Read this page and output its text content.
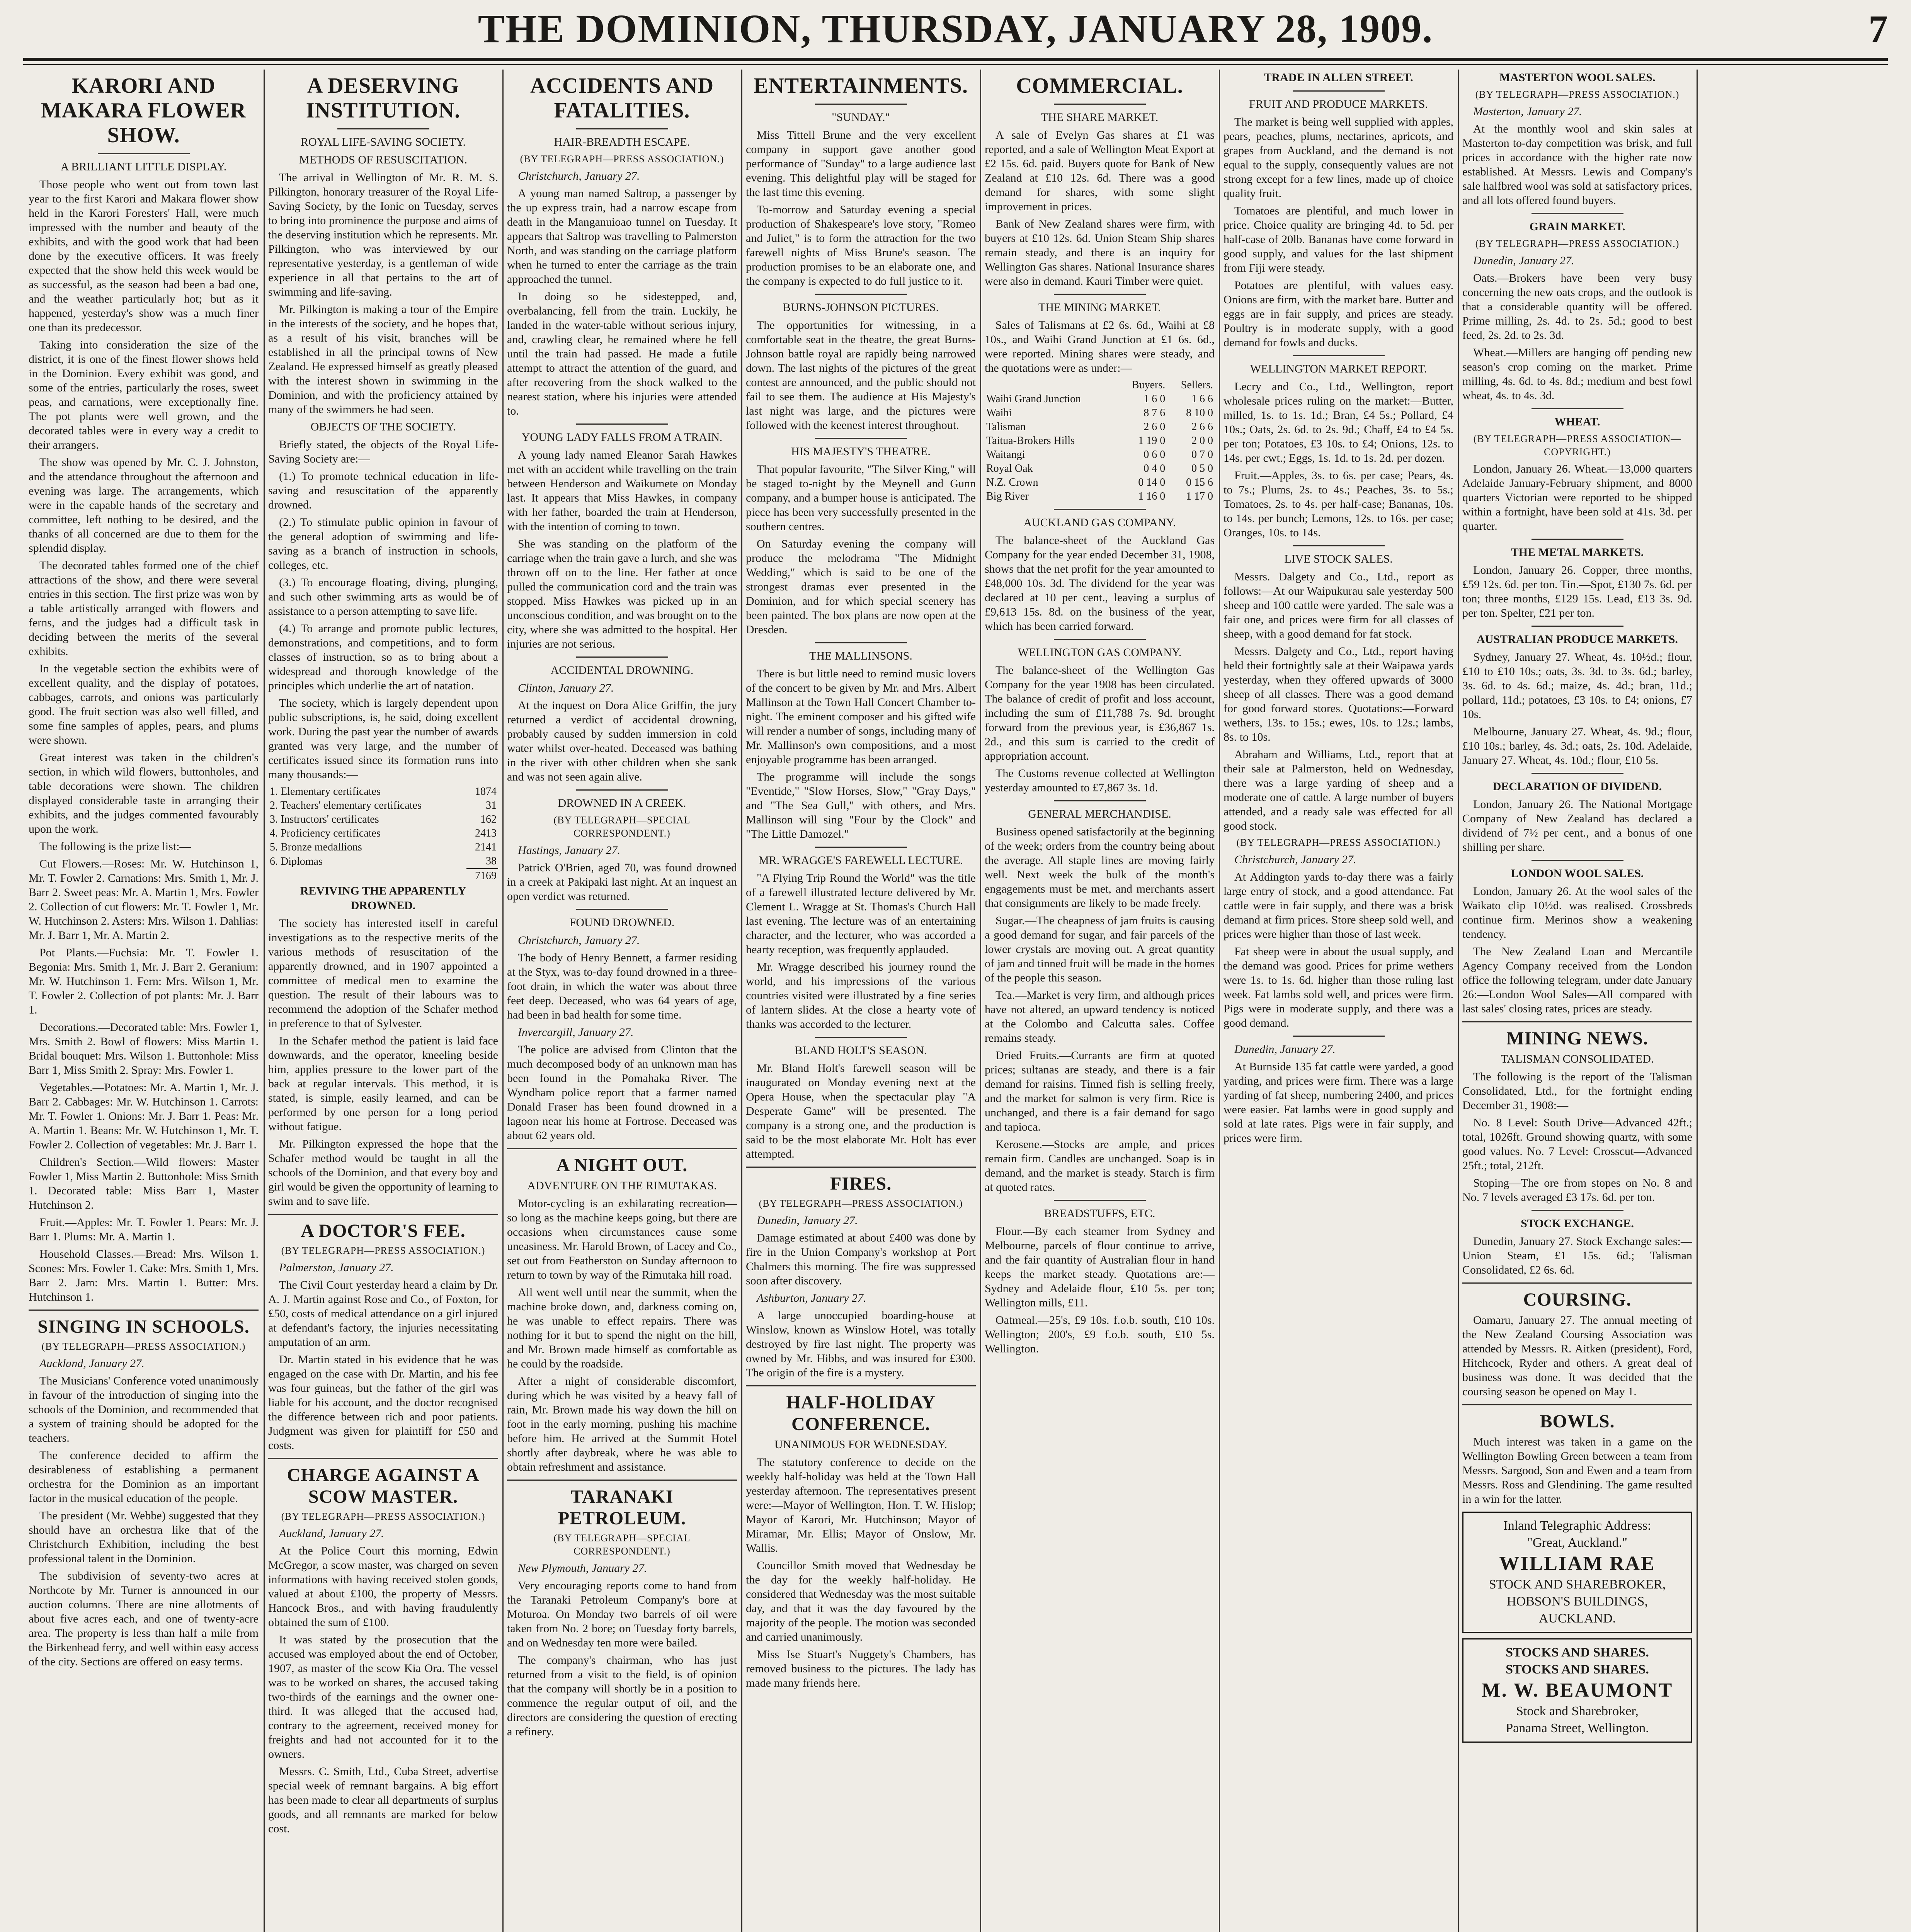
THE DOMINION, THURSDAY, JANUARY 28, 1909.	7
KARORI AND MAKARA FLOWER SHOW.
A BRILLIANT LITTLE DISPLAY.

Those people who went out from town last year to the first Karori and Makara flower show held in the Karori Foresters' Hall, were much impressed with the number and beauty of the exhibits, and with the good work that had been done by the executive officers. It was freely expected that the show held this week would be as successful, as the season had been a bad one, and the weather particularly hot; but as it happened, yesterday's show was a much finer one than its predecessor.

Taking into consideration the size of the district, it is one of the finest flower shows held in the Dominion. Every exhibit was good, and some of the entries, particularly the roses, sweet peas, and carnations, were exceptionally fine. The pot plants were well grown, and the decorated tables were in every way a credit to their arrangers.

The show was opened by Mr. C. J. Johnston, and the attendance throughout the afternoon and evening was large. The arrangements, which were in the capable hands of the secretary and committee, left nothing to be desired, and the thanks of all concerned are due to them for the splendid display.

The decorated tables formed one of the chief attractions of the show, and there were several entries in this section. The first prize was won by a table artistically arranged with flowers and ferns, and the judges had a difficult task in deciding between the merits of the several exhibits.

In the vegetable section the exhibits were of excellent quality, and the display of potatoes, cabbages, carrots, and onions was particularly good. The fruit section was also well filled, and some fine samples of apples, pears, and plums were shown.

Great interest was taken in the children's section, in which wild flowers, buttonholes, and table decorations were shown. The children displayed considerable taste in arranging their exhibits, and the judges commented favourably upon the work.

The following is the prize list:—

Cut Flowers.—Roses: Mr. W. Hutchinson 1, Mr. T. Fowler 2. Carnations: Mrs. Smith 1, Mr. J. Barr 2. Sweet peas: Mr. A. Martin 1, Mrs. Fowler 2. Collection of cut flowers: Mr. T. Fowler 1, Mr. W. Hutchinson 2. Asters: Mrs. Wilson 1. Dahlias: Mr. J. Barr 1, Mr. A. Martin 2.

Pot Plants.—Fuchsia: Mr. T. Fowler 1. Begonia: Mrs. Smith 1, Mr. J. Barr 2. Geranium: Mr. W. Hutchinson 1. Fern: Mrs. Wilson 1, Mr. T. Fowler 2. Collection of pot plants: Mr. J. Barr 1.

Decorations.—Decorated table: Mrs. Fowler 1, Mrs. Smith 2. Bowl of flowers: Miss Martin 1. Bridal bouquet: Mrs. Wilson 1. Buttonhole: Miss Barr 1, Miss Smith 2. Spray: Mrs. Fowler 1.

Vegetables.—Potatoes: Mr. A. Martin 1, Mr. J. Barr 2. Cabbages: Mr. W. Hutchinson 1. Carrots: Mr. T. Fowler 1. Onions: Mr. J. Barr 1. Peas: Mr. A. Martin 1. Beans: Mr. W. Hutchinson 1, Mr. T. Fowler 2. Collection of vegetables: Mr. J. Barr 1.

Children's Section.—Wild flowers: Master Fowler 1, Miss Martin 2. Buttonhole: Miss Smith 1. Decorated table: Miss Barr 1, Master Hutchinson 2.

Fruit.—Apples: Mr. T. Fowler 1. Pears: Mr. J. Barr 1. Plums: Mr. A. Martin 1.

Household Classes.—Bread: Mrs. Wilson 1. Scones: Mrs. Fowler 1. Cake: Mrs. Smith 1, Mrs. Barr 2. Jam: Mrs. Martin 1. Butter: Mrs. Hutchinson 1.

SINGING IN SCHOOLS.
(BY TELEGRAPH—PRESS ASSOCIATION.)

Auckland, January 27.

The Musicians' Conference voted unanimously in favour of the introduction of singing into the schools of the Dominion, and recommended that a system of training should be adopted for the teachers.

The conference decided to affirm the desirableness of establishing a permanent orchestra for the Dominion as an important factor in the musical education of the people.

The president (Mr. Webbe) suggested that they should have an orchestra like that of the Christchurch Exhibition, including the best professional talent in the Dominion.

The subdivision of seventy-two acres at Northcote by Mr. Turner is announced in our auction columns. There are nine allotments of about five acres each, and one of twenty-acre area. The property is less than half a mile from the Birkenhead ferry, and well within easy access of the city. Sections are offered on easy terms.

A DESERVING INSTITUTION.
ROYAL LIFE-SAVING SOCIETY.
METHODS OF RESUSCITATION.

The arrival in Wellington of Mr. R. M. S. Pilkington, honorary treasurer of the Royal Life-Saving Society, by the Ionic on Tuesday, serves to bring into prominence the purpose and aims of the deserving institution which he represents. Mr. Pilkington, who was interviewed by our representative yesterday, is a gentleman of wide experience in all that pertains to the art of swimming and life-saving.

Mr. Pilkington is making a tour of the Empire in the interests of the society, and he hopes that, as a result of his visit, branches will be established in all the principal towns of New Zealand. He expressed himself as greatly pleased with the interest shown in swimming in the Dominion, and with the proficiency attained by many of the swimmers he had seen.

OBJECTS OF THE SOCIETY.

Briefly stated, the objects of the Royal Life-Saving Society are:—

(1.) To promote technical education in life-saving and resuscitation of the apparently drowned.

(2.) To stimulate public opinion in favour of the general adoption of swimming and life-saving as a branch of instruction in schools, colleges, etc.

(3.) To encourage floating, diving, plunging, and such other swimming arts as would be of assistance to a person attempting to save life.

(4.) To arrange and promote public lectures, demonstrations, and competitions, and to form classes of instruction, so as to bring about a widespread and thorough knowledge of the principles which underlie the art of natation.

The society, which is largely dependent upon public subscriptions, is, he said, doing excellent work. During the past year the number of awards granted was very large, and the number of certificates issued since its formation runs into many thousands:—

1. Elementary certificates	1874
2. Teachers' elementary certificates	31
3. Instructors' certificates	162
4. Proficiency certificates	2413
5. Bronze medallions	2141
6. Diplomas	38
	7169
REVIVING THE APPARENTLY DROWNED.

The society has interested itself in careful investigations as to the respective merits of the various methods of resuscitation of the apparently drowned, and in 1907 appointed a committee of medical men to examine the question. The result of their labours was to recommend the adoption of the Schafer method in preference to that of Sylvester.

In the Schafer method the patient is laid face downwards, and the operator, kneeling beside him, applies pressure to the lower part of the back at regular intervals. This method, it is stated, is simple, easily learned, and can be performed by one person for a long period without fatigue.

Mr. Pilkington expressed the hope that the Schafer method would be taught in all the schools of the Dominion, and that every boy and girl would be given the opportunity of learning to swim and to save life.

A DOCTOR'S FEE.
(BY TELEGRAPH—PRESS ASSOCIATION.)

Palmerston, January 27.

The Civil Court yesterday heard a claim by Dr. A. J. Martin against Rose and Co., of Foxton, for £50, costs of medical attendance on a girl injured at defendant's factory, the injuries necessitating amputation of an arm.

Dr. Martin stated in his evidence that he was engaged on the case with Dr. Martin, and his fee was four guineas, but the father of the girl was liable for his account, and the doctor recognised the difference between rich and poor patients. Judgment was given for plaintiff for £50 and costs.

CHARGE AGAINST A SCOW MASTER.
(BY TELEGRAPH—PRESS ASSOCIATION.)

Auckland, January 27.

At the Police Court this morning, Edwin McGregor, a scow master, was charged on seven informations with having received stolen goods, valued at about £100, the property of Messrs. Hancock Bros., and with having fraudulently obtained the sum of £100.

It was stated by the prosecution that the accused was employed about the end of October, 1907, as master of the scow Kia Ora. The vessel was to be worked on shares, the accused taking two-thirds of the earnings and the owner one-third. It was alleged that the accused had, contrary to the agreement, received money for freights and had not accounted for it to the owners.

Messrs. C. Smith, Ltd., Cuba Street, advertise special week of remnant bargains. A big effort has been made to clear all departments of surplus goods, and all remnants are marked for below cost.

ACCIDENTS AND FATALITIES.
HAIR-BREADTH ESCAPE.
(BY TELEGRAPH—PRESS ASSOCIATION.)

Christchurch, January 27.

A young man named Saltrop, a passenger by the up express train, had a narrow escape from death in the Manganuioao tunnel on Tuesday. It appears that Saltrop was travelling to Palmerston North, and was standing on the carriage platform when he turned to enter the carriage as the train approached the tunnel.

In doing so he sidestepped, and, overbalancing, fell from the train. Luckily, he landed in the water-table without serious injury, and, crawling clear, he remained where he fell until the train had passed. He made a futile attempt to attract the attention of the guard, and after recovering from the shock walked to the nearest station, where his injuries were attended to.

YOUNG LADY FALLS FROM A TRAIN.

A young lady named Eleanor Sarah Hawkes met with an accident while travelling on the train between Henderson and Waikumete on Monday last. It appears that Miss Hawkes, in company with her father, boarded the train at Henderson, with the intention of coming to town.

She was standing on the platform of the carriage when the train gave a lurch, and she was thrown off on to the line. Her father at once pulled the communication cord and the train was stopped. Miss Hawkes was picked up in an unconscious condition, and was brought on to the city, where she was admitted to the hospital. Her injuries are not serious.

ACCIDENTAL DROWNING.

Clinton, January 27.

At the inquest on Dora Alice Griffin, the jury returned a verdict of accidental drowning, probably caused by sudden immersion in cold water whilst over-heated. Deceased was bathing in the river with other children when she sank and was not seen again alive.

DROWNED IN A CREEK.
(BY TELEGRAPH—SPECIAL CORRESPONDENT.)

Hastings, January 27.

Patrick O'Brien, aged 70, was found drowned in a creek at Pakipaki last night. At an inquest an open verdict was returned.

FOUND DROWNED.

Christchurch, January 27.

The body of Henry Bennett, a farmer residing at the Styx, was to-day found drowned in a three-foot drain, in which the water was about three feet deep. Deceased, who was 64 years of age, had been in bad health for some time.

Invercargill, January 27.

The police are advised from Clinton that the much decomposed body of an unknown man has been found in the Pomahaka River. The Wyndham police report that a farmer named Donald Fraser has been found drowned in a lagoon near his home at Fortrose. Deceased was about 62 years old.

A NIGHT OUT.
ADVENTURE ON THE RIMUTAKAS.

Motor-cycling is an exhilarating recreation—so long as the machine keeps going, but there are occasions when circumstances cause some uneasiness. Mr. Harold Brown, of Lacey and Co., set out from Featherston on Sunday afternoon to return to town by way of the Rimutaka hill road.

All went well until near the summit, when the machine broke down, and, darkness coming on, he was unable to effect repairs. There was nothing for it but to spend the night on the hill, and Mr. Brown made himself as comfortable as he could by the roadside.

After a night of considerable discomfort, during which he was visited by a heavy fall of rain, Mr. Brown made his way down the hill on foot in the early morning, pushing his machine before him. He arrived at the Summit Hotel shortly after daybreak, where he was able to obtain refreshment and assistance.

TARANAKI PETROLEUM.
(BY TELEGRAPH—SPECIAL CORRESPONDENT.)

New Plymouth, January 27.

Very encouraging reports come to hand from the Taranaki Petroleum Company's bore at Moturoa. On Monday two barrels of oil were taken from No. 2 bore; on Tuesday forty barrels, and on Wednesday ten more were bailed.

The company's chairman, who has just returned from a visit to the field, is of opinion that the company will shortly be in a position to commence the regular output of oil, and the directors are considering the question of erecting a refinery.

ENTERTAINMENTS.
"SUNDAY."

Miss Tittell Brune and the very excellent company in support gave another good performance of "Sunday" to a large audience last evening. This delightful play will be staged for the last time this evening.

To-morrow and Saturday evening a special production of Shakespeare's love story, "Romeo and Juliet," is to form the attraction for the two farewell nights of Miss Brune's season. The production promises to be an elaborate one, and the company is expected to do full justice to it.

BURNS-JOHNSON PICTURES.

The opportunities for witnessing, in a comfortable seat in the theatre, the great Burns-Johnson battle royal are rapidly being narrowed down. The last nights of the pictures of the great contest are announced, and the public should not fail to see them. The audience at His Majesty's last night was large, and the pictures were followed with the keenest interest throughout.

HIS MAJESTY'S THEATRE.

That popular favourite, "The Silver King," will be staged to-night by the Meynell and Gunn company, and a bumper house is anticipated. The piece has been very successfully presented in the southern centres.

On Saturday evening the company will produce the melodrama "The Midnight Wedding," which is said to be one of the strongest dramas ever presented in the Dominion, and for which special scenery has been painted. The box plans are now open at the Dresden.

THE MALLINSONS.

There is but little need to remind music lovers of the concert to be given by Mr. and Mrs. Albert Mallinson at the Town Hall Concert Chamber to-night. The eminent composer and his gifted wife will render a number of songs, including many of Mr. Mallinson's own compositions, and a most enjoyable programme has been arranged.

The programme will include the songs "Eventide," "Slow Horses, Slow," "Gray Days," and "The Sea Gull," with others, and Mrs. Mallinson will sing "Four by the Clock" and "The Little Damozel."

MR. WRAGGE'S FAREWELL LECTURE.

"A Flying Trip Round the World" was the title of a farewell illustrated lecture delivered by Mr. Clement L. Wragge at St. Thomas's Church Hall last evening. The lecture was of an entertaining character, and the lecturer, who was accorded a hearty reception, was frequently applauded.

Mr. Wragge described his journey round the world, and his impressions of the various countries visited were illustrated by a fine series of lantern slides. At the close a hearty vote of thanks was accorded to the lecturer.

BLAND HOLT'S SEASON.

Mr. Bland Holt's farewell season will be inaugurated on Monday evening next at the Opera House, when the spectacular play "A Desperate Game" will be presented. The company is a strong one, and the production is said to be the most elaborate Mr. Holt has ever attempted.

FIRES.
(BY TELEGRAPH—PRESS ASSOCIATION.)

Dunedin, January 27.

Damage estimated at about £400 was done by fire in the Union Company's workshop at Port Chalmers this morning. The fire was suppressed soon after discovery.

Ashburton, January 27.

A large unoccupied boarding-house at Winslow, known as Winslow Hotel, was totally destroyed by fire last night. The property was owned by Mr. Hibbs, and was insured for £300. The origin of the fire is a mystery.

HALF-HOLIDAY CONFERENCE.
UNANIMOUS FOR WEDNESDAY.

The statutory conference to decide on the weekly half-holiday was held at the Town Hall yesterday afternoon. The representatives present were:—Mayor of Wellington, Hon. T. W. Hislop; Mayor of Karori, Mr. Hutchinson; Mayor of Miramar, Mr. Ellis; Mayor of Onslow, Mr. Wallis.

Councillor Smith moved that Wednesday be the day for the weekly half-holiday. He considered that Wednesday was the most suitable day, and that it was the day favoured by the majority of the people. The motion was seconded and carried unanimously.

Miss Ise Stuart's Nuggety's Chambers, has removed business to the pictures. The lady has made many friends here.

COMMERCIAL.
THE SHARE MARKET.

A sale of Evelyn Gas shares at £1 was reported, and a sale of Wellington Meat Export at £2 15s. 6d. paid. Buyers quote for Bank of New Zealand at £10 12s. 6d. There was a good demand for shares, with some slight improvement in prices.

Bank of New Zealand shares were firm, with buyers at £10 12s. 6d. Union Steam Ship shares remain steady, and there is an inquiry for Wellington Gas shares. National Insurance shares were also in demand. Kauri Timber were quiet.

THE MINING MARKET.

Sales of Talismans at £2 6s. 6d., Waihi at £8 10s., and Waihi Grand Junction at £1 6s. 6d., were reported. Mining shares were steady, and the quotations were as under:—

	Buyers.	Sellers.
Waihi Grand Junction	1 6 0	1 6 6
Waihi	8 7 6	8 10 0
Talisman	2 6 0	2 6 6
Taitua-Brokers Hills	1 19 0	2 0 0
Waitangi	0 6 0	0 7 0
Royal Oak	0 4 0	0 5 0
N.Z. Crown	0 14 0	0 15 6
Big River	1 16 0	1 17 0
AUCKLAND GAS COMPANY.

The balance-sheet of the Auckland Gas Company for the year ended December 31, 1908, shows that the net profit for the year amounted to £48,000 10s. 3d. The dividend for the year was declared at 10 per cent., leaving a surplus of £9,613 15s. 8d. on the business of the year, which has been carried forward.

WELLINGTON GAS COMPANY.

The balance-sheet of the Wellington Gas Company for the year 1908 has been circulated. The balance of credit of profit and loss account, including the sum of £11,788 7s. 9d. brought forward from the previous year, is £36,867 1s. 2d., and this sum is carried to the credit of appropriation account.

The Customs revenue collected at Wellington yesterday amounted to £7,867 3s. 1d.

GENERAL MERCHANDISE.

Business opened satisfactorily at the beginning of the week; orders from the country being about the average. All staple lines are moving fairly well. Next week the bulk of the month's engagements must be met, and merchants assert that consignments are likely to be made freely.

Sugar.—The cheapness of jam fruits is causing a good demand for sugar, and fair parcels of the lower crystals are moving out. A great quantity of jam and tinned fruit will be made in the homes of the people this season.

Tea.—Market is very firm, and although prices have not altered, an upward tendency is noticed at the Colombo and Calcutta sales. Coffee remains steady.

Dried Fruits.—Currants are firm at quoted prices; sultanas are steady, and there is a fair demand for raisins. Tinned fish is selling freely, and the market for salmon is very firm. Rice is unchanged, and there is a fair demand for sago and tapioca.

Kerosene.—Stocks are ample, and prices remain firm. Candles are unchanged. Soap is in demand, and the market is steady. Starch is firm at quoted rates.

BREADSTUFFS, ETC.

Flour.—By each steamer from Sydney and Melbourne, parcels of flour continue to arrive, and the fair quantity of Australian flour in hand keeps the market steady. Quotations are:—Sydney and Adelaide flour, £10 5s. per ton; Wellington mills, £11.

Oatmeal.—25's, £9 10s. f.o.b. south, £10 10s. Wellington; 200's, £9 f.o.b. south, £10 5s. Wellington.

TRADE IN ALLEN STREET.
FRUIT AND PRODUCE MARKETS.

The market is being well supplied with apples, pears, peaches, plums, nectarines, apricots, and grapes from Auckland, and the demand is not equal to the supply, consequently values are not strong except for a few lines, made up of choice quality fruit.

Tomatoes are plentiful, and much lower in price. Choice quality are bringing 4d. to 5d. per half-case of 20lb. Bananas have come forward in good supply, and values for the last shipment from Fiji were steady.

Potatoes are plentiful, with values easy. Onions are firm, with the market bare. Butter and eggs are in fair supply, and prices are steady. Poultry is in moderate supply, with a good demand for fowls and ducks.

WELLINGTON MARKET REPORT.

Lecry and Co., Ltd., Wellington, report wholesale prices ruling on the market:—Butter, milled, 1s. to 1s. 1d.; Bran, £4 5s.; Pollard, £4 10s.; Oats, 2s. 6d. to 2s. 9d.; Chaff, £4 to £4 5s. per ton; Potatoes, £3 10s. to £4; Onions, 12s. to 14s. per cwt.; Eggs, 1s. 1d. to 1s. 2d. per dozen.

Fruit.—Apples, 3s. to 6s. per case; Pears, 4s. to 7s.; Plums, 2s. to 4s.; Peaches, 3s. to 5s.; Tomatoes, 2s. to 4s. per half-case; Bananas, 10s. to 14s. per bunch; Lemons, 12s. to 16s. per case; Oranges, 10s. to 14s.

LIVE STOCK SALES.

Messrs. Dalgety and Co., Ltd., report as follows:—At our Waipukurau sale yesterday 500 sheep and 100 cattle were yarded. The sale was a fair one, and prices were firm for all classes of sheep, with a good demand for fat stock.

Messrs. Dalgety and Co., Ltd., report having held their fortnightly sale at their Waipawa yards yesterday, when they offered upwards of 3000 sheep of all classes. There was a good demand for good forward stores. Quotations:—Forward wethers, 13s. to 15s.; ewes, 10s. to 12s.; lambs, 8s. to 10s.

Abraham and Williams, Ltd., report that at their sale at Palmerston, held on Wednesday, there was a large yarding of sheep and a moderate one of cattle. A large number of buyers attended, and a ready sale was effected for all good stock.

(BY TELEGRAPH—PRESS ASSOCIATION.)

Christchurch, January 27.

At Addington yards to-day there was a fairly large entry of stock, and a good attendance. Fat cattle were in fair supply, and there was a brisk demand at firm prices. Store sheep sold well, and prices were higher than those of last week.

Fat sheep were in about the usual supply, and the demand was good. Prices for prime wethers were 1s. to 1s. 6d. higher than those ruling last week. Fat lambs sold well, and prices were firm. Pigs were in moderate supply, and there was a good demand.

Dunedin, January 27.

At Burnside 135 fat cattle were yarded, a good yarding, and prices were firm. There was a large yarding of fat sheep, numbering 2400, and prices were easier. Fat lambs were in good supply and sold at late rates. Pigs were in fair supply, and prices were firm.

MASTERTON WOOL SALES.
(BY TELEGRAPH—PRESS ASSOCIATION.)

Masterton, January 27.

At the monthly wool and skin sales at Masterton to-day competition was brisk, and full prices in accordance with the higher rate now established. At Messrs. Lewis and Company's sale halfbred wool was sold at satisfactory prices, and all lots offered found buyers.

GRAIN MARKET.
(BY TELEGRAPH—PRESS ASSOCIATION.)

Dunedin, January 27.

Oats.—Brokers have been very busy concerning the new oats crops, and the outlook is that a considerable quantity will be offered. Prime milling, 2s. 4d. to 2s. 5d.; good to best feed, 2s. 2d. to 2s. 3d.

Wheat.—Millers are hanging off pending new season's crop coming on the market. Prime milling, 4s. 6d. to 4s. 8d.; medium and best fowl wheat, 4s. to 4s. 3d.

WHEAT.
(BY TELEGRAPH—PRESS ASSOCIATION—COPYRIGHT.)

London, January 26. Wheat.—13,000 quarters Adelaide January-February shipment, and 8000 quarters Victorian were reported to be shipped within a fortnight, have been sold at 41s. 3d. per quarter.

THE METAL MARKETS.

London, January 26. Copper, three months, £59 12s. 6d. per ton. Tin.—Spot, £130 7s. 6d. per ton; three months, £129 15s. Lead, £13 3s. 9d. per ton. Spelter, £21 per ton.

AUSTRALIAN PRODUCE MARKETS.

Sydney, January 27. Wheat, 4s. 10½d.; flour, £10 to £10 10s.; oats, 3s. 3d. to 3s. 6d.; barley, 3s. 6d. to 4s. 6d.; maize, 4s. 4d.; bran, 11d.; pollard, 11d.; potatoes, £3 10s. to £4; onions, £7 10s.

Melbourne, January 27. Wheat, 4s. 9d.; flour, £10 10s.; barley, 4s. 3d.; oats, 2s. 10d. Adelaide, January 27. Wheat, 4s. 10d.; flour, £10 5s.

DECLARATION OF DIVIDEND.

London, January 26. The National Mortgage Company of New Zealand has declared a dividend of 7½ per cent., and a bonus of one shilling per share.

LONDON WOOL SALES.

London, January 26. At the wool sales of the Waikato clip 10½d. was realised. Crossbreds continue firm. Merinos show a weakening tendency.

The New Zealand Loan and Mercantile Agency Company received from the London office the following telegram, under date January 26:—London Wool Sales—All compared with last sales' closing rates, prices are steady.

MINING NEWS.
TALISMAN CONSOLIDATED.

The following is the report of the Talisman Consolidated, Ltd., for the fortnight ending December 31, 1908:—

No. 8 Level: South Drive—Advanced 42ft.; total, 1026ft. Ground showing quartz, with some good values. No. 7 Level: Crosscut—Advanced 25ft.; total, 212ft.

Stoping—The ore from stopes on No. 8 and No. 7 levels averaged £3 17s. 6d. per ton.

STOCK EXCHANGE.

Dunedin, January 27. Stock Exchange sales:—Union Steam, £1 15s. 6d.; Talisman Consolidated, £2 6s. 6d.

COURSING.

Oamaru, January 27. The annual meeting of the New Zealand Coursing Association was attended by Messrs. R. Aitken (president), Ford, Hitchcock, Ryder and others. A great deal of business was done. It was decided that the coursing season be opened on May 1.

BOWLS.

Much interest was taken in a game on the Wellington Bowling Green between a team from Messrs. Sargood, Son and Ewen and a team from Messrs. Ross and Glendining. The game resulted in a win for the latter.

Inland Telegraphic Address:
"Great, Auckland."
WILLIAM RAE
STOCK AND SHAREBROKER,
HOBSON'S BUILDINGS, AUCKLAND.
STOCKS AND SHARES.
STOCKS AND SHARES.
M. W. BEAUMONT
Stock and Sharebroker,
Panama Street, Wellington.
